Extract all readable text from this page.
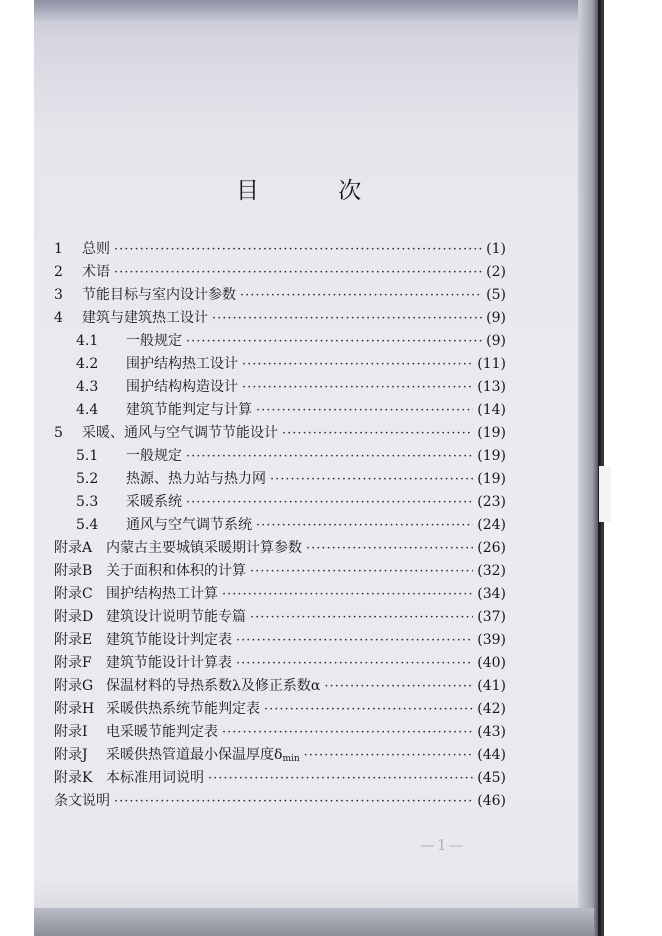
目 次
1	总则 ·····	(1)
2	术语 ·····	(2)
3	节能目标与室内设计参数 ·····	(5)
4	建筑与建筑热工设计 ·····	(9)
4.1	一般规定 ·····	(9)
4.2	围护结构热工设计 ·····	(11)
4.3	围护结构构造设计 ·····	(13)
4.4	建筑节能判定与计算 ·····	(14)
5	采暖、通风与空气调节节能设计 ·····	(19)
5.1	一般规定 ·····	(19)
5.2	热源、热力站与热力网 ·····	(19)
5.3	采暖系统 ·····	(23)
5.4	通风与空气调节系统 ·····	(24)
附录A 内蒙古主要城镇采暖期计算参数 ·····	(26)
附录B 关于面积和体积的计算 ·····	(32)
附录C 围护结构热工计算 ·····	(34)
附录D 建筑设计说明节能专篇 ·····	(37)
附录E 建筑节能设计判定表 ·····	(39)
附录F	建筑节能设计计算表 ·····	(40)
附录G 保温材料的导热系数λ及修正系数α ·····	(41)
附录H 采暖供热系统节能判定表 ·····	(42)
附录I	电采暖节能判定表 ·····	(43)
附录J	采暖供热管道最小保温厚度$\delta_{min}$ ·····	(44)
附录K 本标准用词说明 ·····	(45)
条文说明 ·····	(46)
—1—
